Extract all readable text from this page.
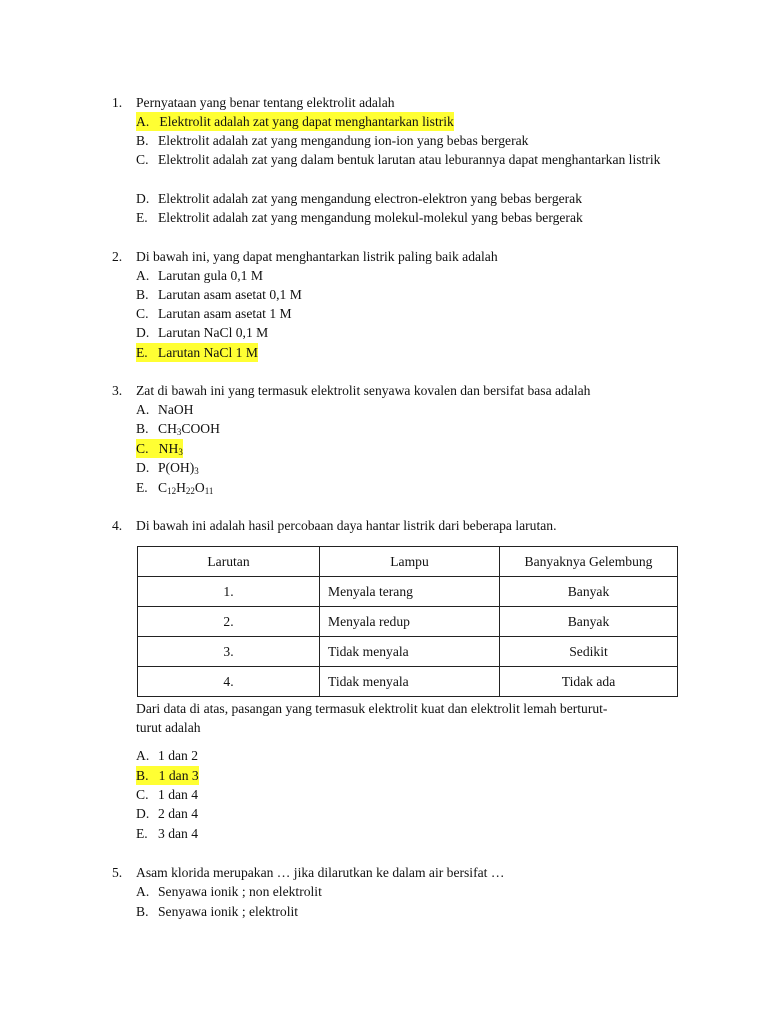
1. Pernyataan yang benar tentang elektrolit adalah
A. Elektrolit adalah zat yang dapat menghantarkan listrik
B. Elektrolit adalah zat yang mengandung ion-ion yang bebas bergerak
C. Elektrolit adalah zat yang dalam bentuk larutan atau leburannya dapat menghantarkan listrik
D. Elektrolit adalah zat yang mengandung electron-elektron yang bebas bergerak
E. Elektrolit adalah zat yang mengandung molekul-molekul yang bebas bergerak
2. Di bawah ini, yang dapat menghantarkan listrik paling baik adalah
A. Larutan gula 0,1 M
B. Larutan asam asetat 0,1 M
C. Larutan asam asetat 1 M
D. Larutan NaCl 0,1 M
E. Larutan NaCl 1 M
3. Zat di bawah ini yang termasuk elektrolit senyawa kovalen dan bersifat basa adalah
A. NaOH
B. $CH_3COOH$
C. $NH_3$
D. $P(OH)_3$
E. $C_{12}H_{22}O_{11}$
4. Di bawah ini adalah hasil percobaan daya hantar listrik dari beberapa larutan.
Larutan	Lampu	Banyaknya Gelembung
1.	Menyala terang	Banyak
2.	Menyala redup	Banyak
3.	Tidak menyala	Sedikit
4.	Tidak menyala	Tidak ada
Dari data di atas, pasangan yang termasuk elektrolit kuat dan elektrolit lemah berturut-
turut adalah
A. 1 dan 2
B. 1 dan 3
C. 1 dan 4
D. 2 dan 4
E. 3 dan 4
5. Asam klorida merupakan … jika dilarutkan ke dalam air bersifat …
A. Senyawa ionik ; non elektrolit
B. Senyawa ionik ; elektrolit
